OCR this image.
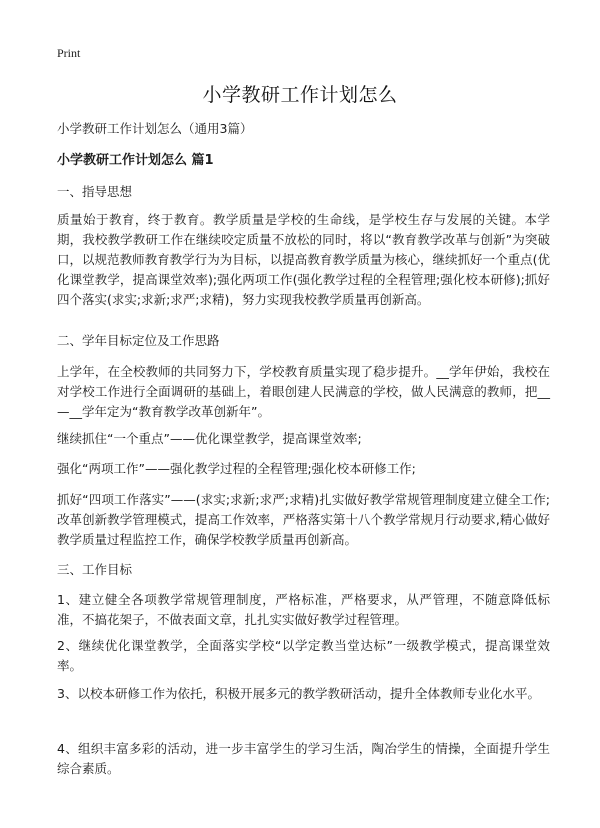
Print
小学教研工作计划怎么

小学教研工作计划怎么（通用3篇）

小学教研工作计划怎么 篇1

一、指导思想

质量始于教育，终于教育。教学质量是学校的生命线，是学校生存与发展的关键。本学期，我校教学教研工作在继续咬定质量不放松的同时，将以“教育教学改革与创新”为突破口，以规范教师教育教学行为为目标，以提高教育教学质量为核心，继续抓好一个重点(优化课堂教学，提高课堂效率);强化两项工作(强化教学过程的全程管理;强化校本研修);抓好四个落实(求实;求新;求严;求精)，努力实现我校教学质量再创新高。

二、学年目标定位及工作思路

上学年，在全校教师的共同努力下，学校教育质量实现了稳步提升。__学年伊始，我校在对学校工作进行全面调研的基础上，着眼创建人民满意的学校，做人民满意的教师，把__—__学年定为“教育教学改革创新年”。

继续抓住“一个重点”——优化课堂教学，提高课堂效率;

强化“两项工作”——强化教学过程的全程管理;强化校本研修工作;

抓好“四项工作落实”——(求实;求新;求严;求精)扎实做好教学常规管理制度建立健全工作;改革创新教学管理模式，提高工作效率，严格落实第十八个教学常规月行动要求,精心做好教学质量过程监控工作，确保学校教学质量再创新高。

三、工作目标

1、建立健全各项教学常规管理制度，严格标准，严格要求，从严管理，不随意降低标准，不搞花架子，不做表面文章，扎扎实实做好教学过程管理。

2、继续优化课堂教学，全面落实学校“以学定教当堂达标”一级教学模式，提高课堂效率。

3、以校本研修工作为依托，积极开展多元的教学教研活动，提升全体教师专业化水平。

4、组织丰富多彩的活动，进一步丰富学生的学习生活，陶冶学生的情操，全面提升学生综合素质。
